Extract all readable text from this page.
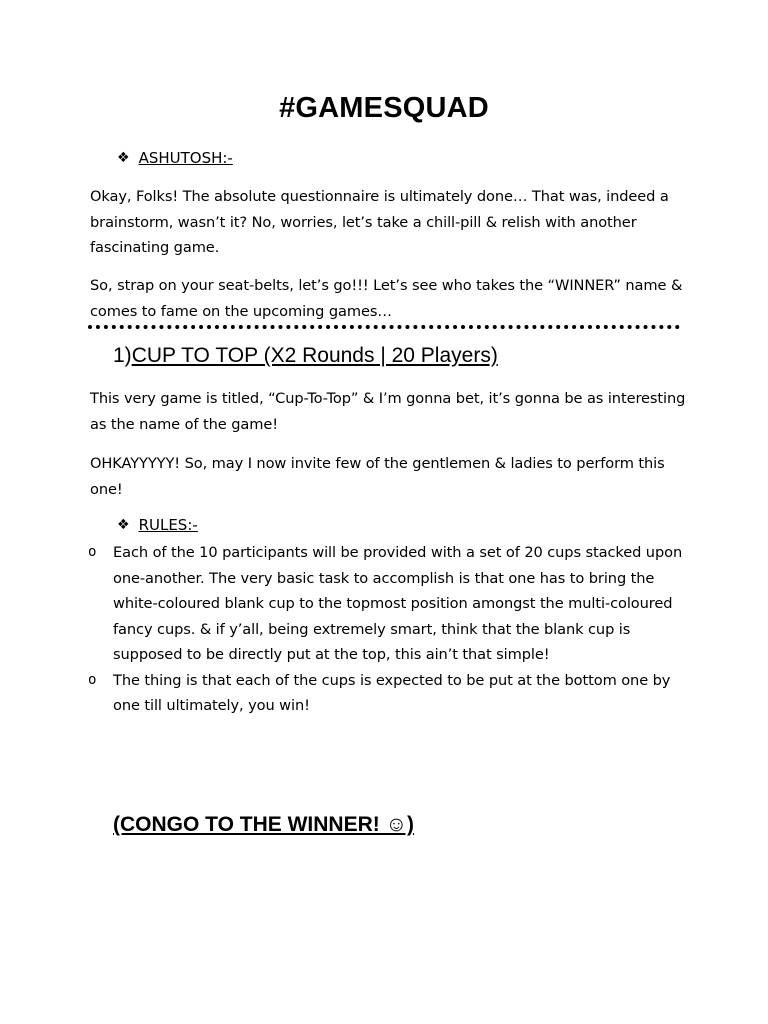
#GAMESQUAD
❖ ASHUTOSH:-
Okay, Folks! The absolute questionnaire is ultimately done… That was, indeed a brainstorm, wasn’t it? No, worries, let’s take a chill-pill & relish with another fascinating game.
So, strap on your seat-belts, let’s go!!! Let’s see who takes the “WINNER” name & comes to fame on the upcoming games…
1)CUP TO TOP (X2 Rounds | 20 Players)
This very game is titled, “Cup-To-Top” & I’m gonna bet, it’s gonna be as interesting as the name of the game!
OHKAYYYYY! So, may I now invite few of the gentlemen & ladies to perform this one!
❖ RULES:-
o	Each of the 10 participants will be provided with a set of 20 cups stacked upon one-another. The very basic task to accomplish is that one has to bring the white-coloured blank cup to the topmost position amongst the multi-coloured fancy cups. & if y’all, being extremely smart, think that the blank cup is supposed to be directly put at the top, this ain’t that simple!
o	The thing is that each of the cups is expected to be put at the bottom one by one till ultimately, you win!
(CONGO TO THE WINNER! ☺)
